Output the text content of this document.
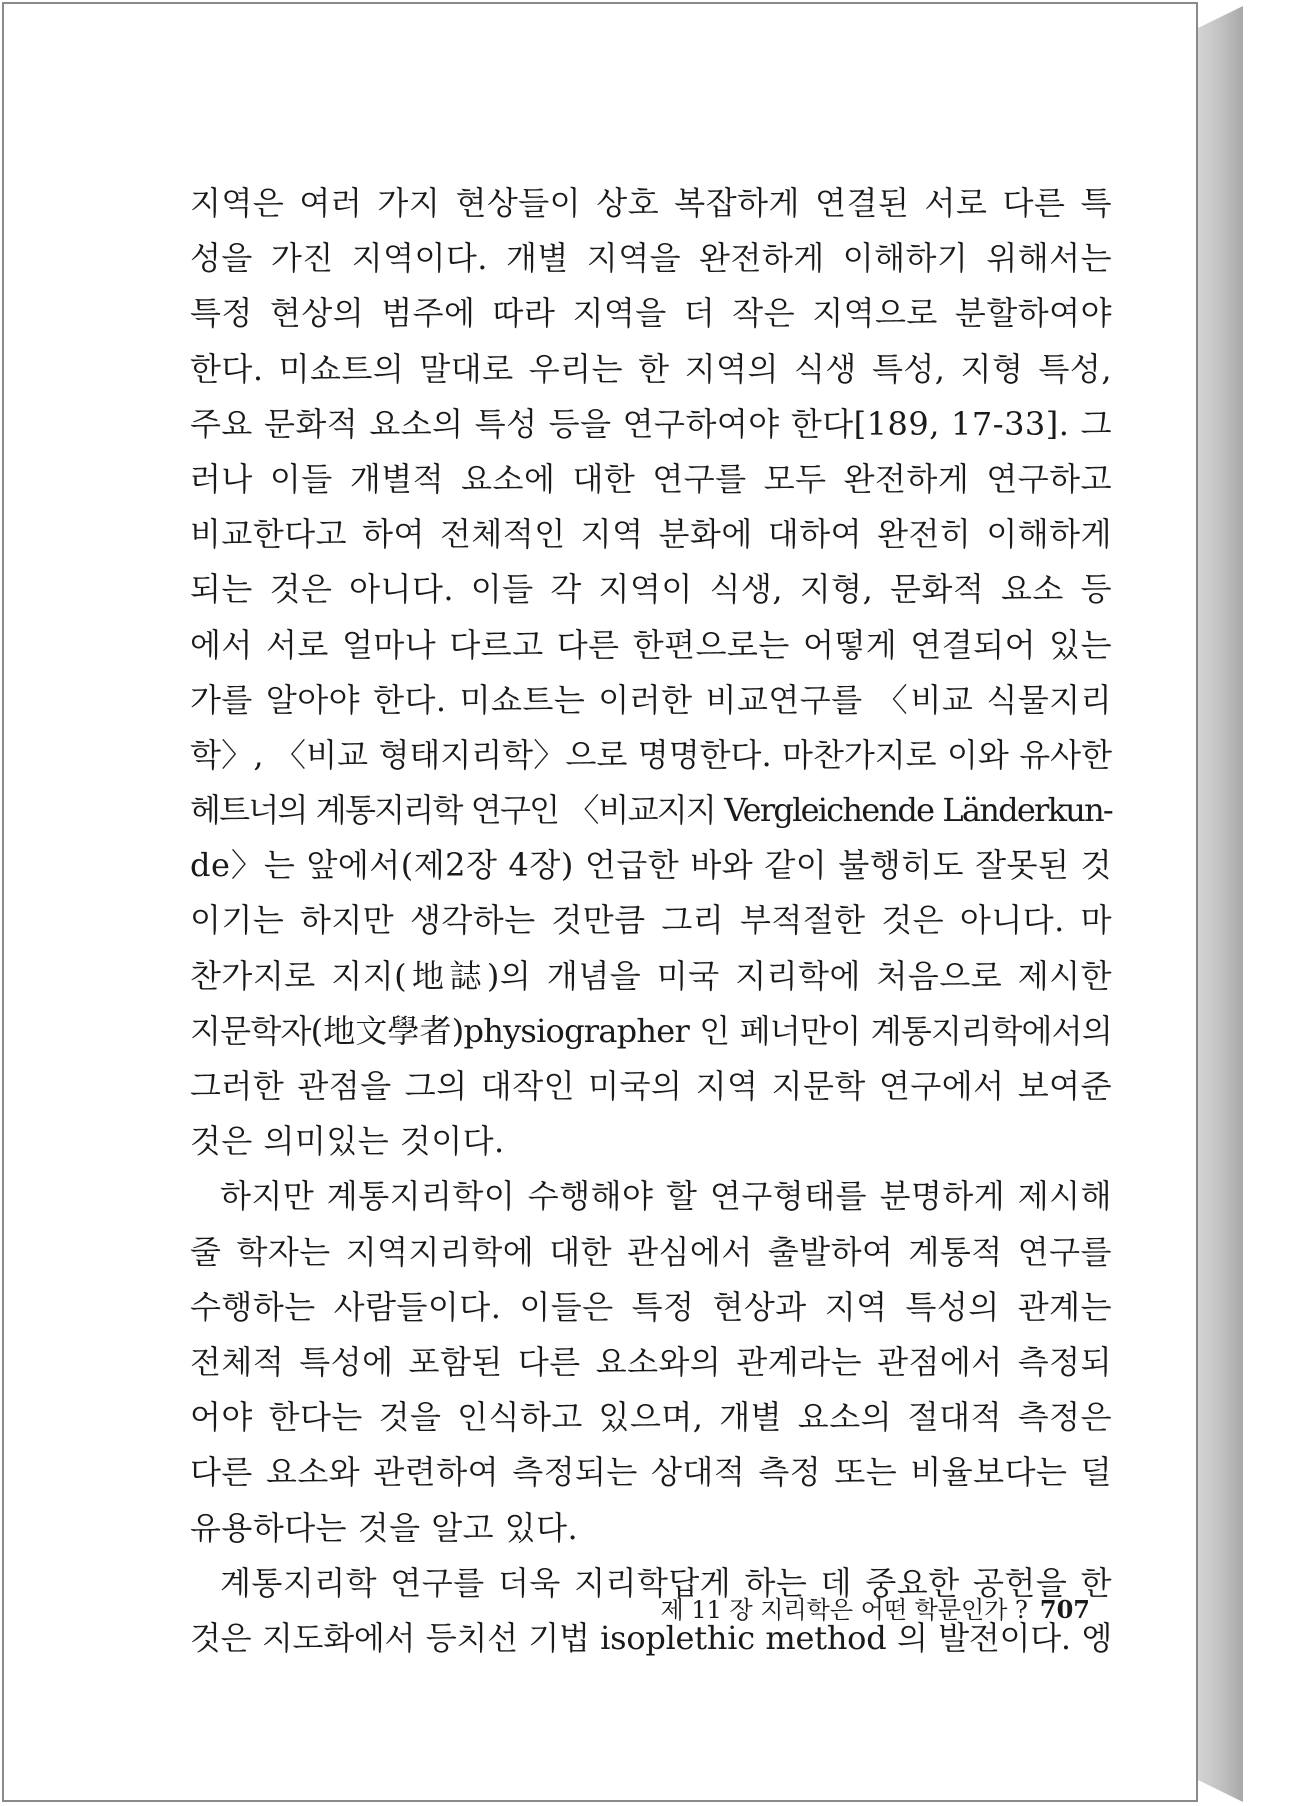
지역은 여러 가지 현상들이 상호 복잡하게 연결된 서로 다른 특
성을 가진 지역이다. 개별 지역을 완전하게 이해하기 위해서는
특정 현상의 범주에 따라 지역을 더 작은 지역으로 분할하여야
한다. 미쇼트의 말대로 우리는 한 지역의 식생 특성, 지형 특성,
주요 문화적 요소의 특성 등을 연구하여야 한다[189, 17-33]. 그
러나 이들 개별적 요소에 대한 연구를 모두 완전하게 연구하고
비교한다고 하여 전체적인 지역 분화에 대하여 완전히 이해하게
되는 것은 아니다. 이들 각 지역이 식생, 지형, 문화적 요소 등
에서 서로 얼마나 다르고 다른 한편으로는 어떻게 연결되어 있는
가를 알아야 한다. 미쇼트는 이러한 비교연구를 〈비교 식물지리
학〉, 〈비교 형태지리학〉으로 명명한다. 마찬가지로 이와 유사한
헤트너의 계통지리학 연구인 〈비교지지 Vergleichende Länderkun-
de〉는 앞에서(제2장 4장) 언급한 바와 같이 불행히도 잘못된 것
이기는 하지만 생각하는 것만큼 그리 부적절한 것은 아니다. 마
찬가지로 지지(地誌)의 개념을 미국 지리학에 처음으로 제시한
지문학자(地文學者)physiographer 인 페너만이 계통지리학에서의
그러한 관점을 그의 대작인 미국의 지역 지문학 연구에서 보여준
것은 의미있는 것이다.
하지만 계통지리학이 수행해야 할 연구형태를 분명하게 제시해
줄 학자는 지역지리학에 대한 관심에서 출발하여 계통적 연구를
수행하는 사람들이다. 이들은 특정 현상과 지역 특성의 관계는
전체적 특성에 포함된 다른 요소와의 관계라는 관점에서 측정되
어야 한다는 것을 인식하고 있으며, 개별 요소의 절대적 측정은
다른 요소와 관련하여 측정되는 상대적 측정 또는 비율보다는 덜
유용하다는 것을 알고 있다.
계통지리학 연구를 더욱 지리학답게 하는 데 중요한 공헌을 한
것은 지도화에서 등치선 기법 isoplethic method 의 발전이다. 엥
제 11 장 지리학은 어떤 학문인가 ? 707
